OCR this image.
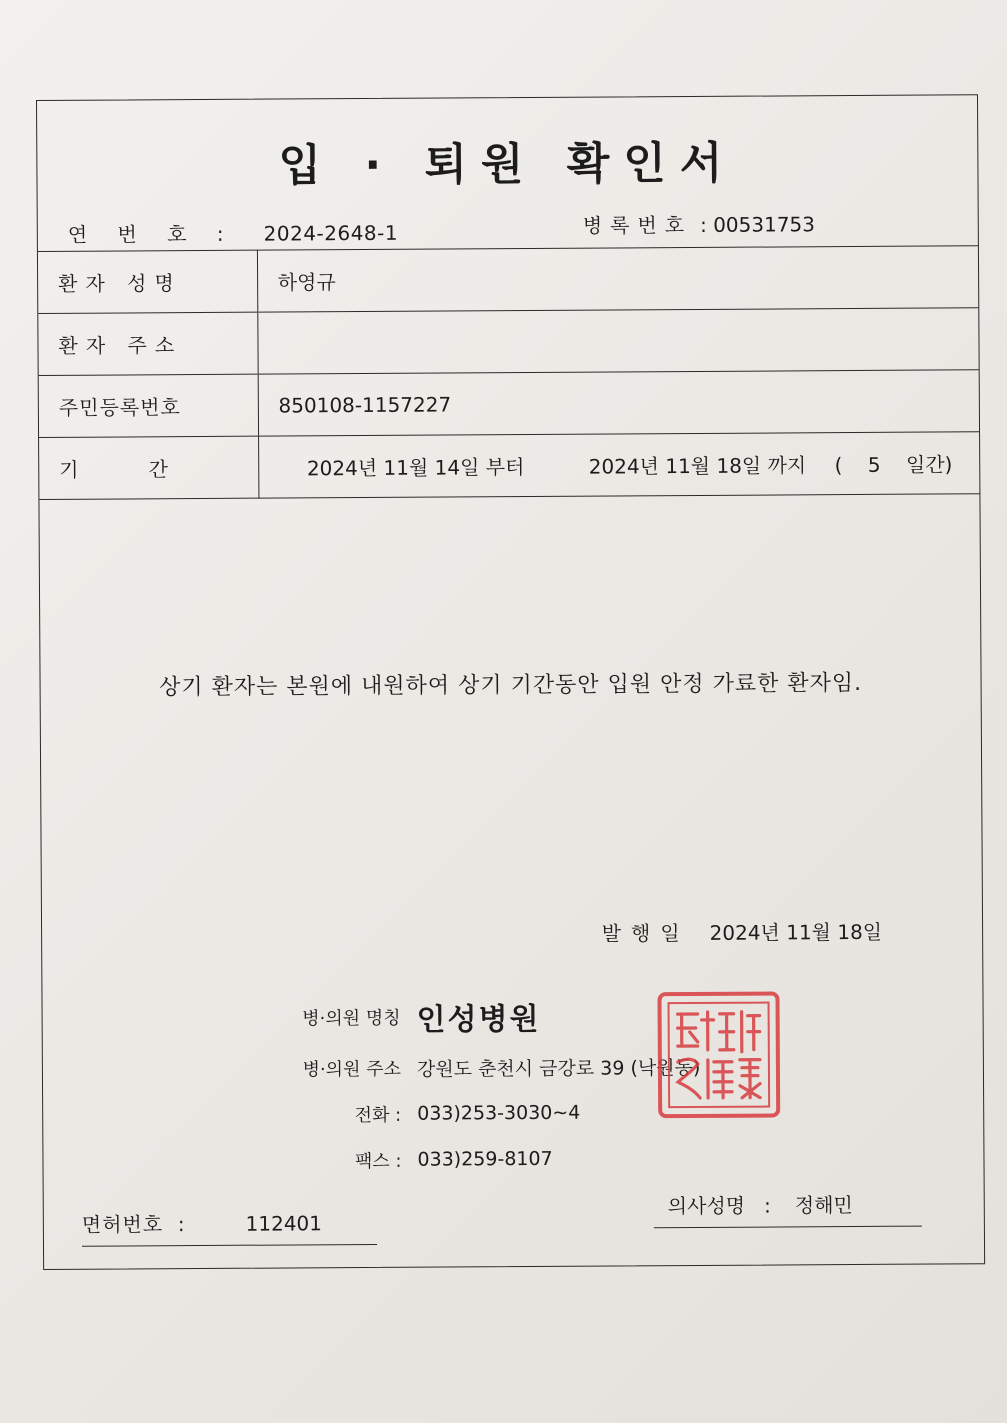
입 · 퇴원 확인서
연 번 호 : 2024-2648-1	병록번호 : 00531753
환자 성명	하영규
환자 주소	
주민등록번호	850108-1157227
기간	2024년 11월 14일 부터 2024년 11월 18일 까지 (    5    일간)
상기 환자는 본원에 내원하여 상기 기간동안 입원 안정 가료한 환자임.
발행일 2024년 11월 18일
병·의원 명칭 인성병원
병·의원 주소 강원도 춘천시 금강로 39 (낙원동)
전화 : 033)253-3030~4
팩스 : 033)259-8107
면허번호  :	112401
의사성명   : 정해민
